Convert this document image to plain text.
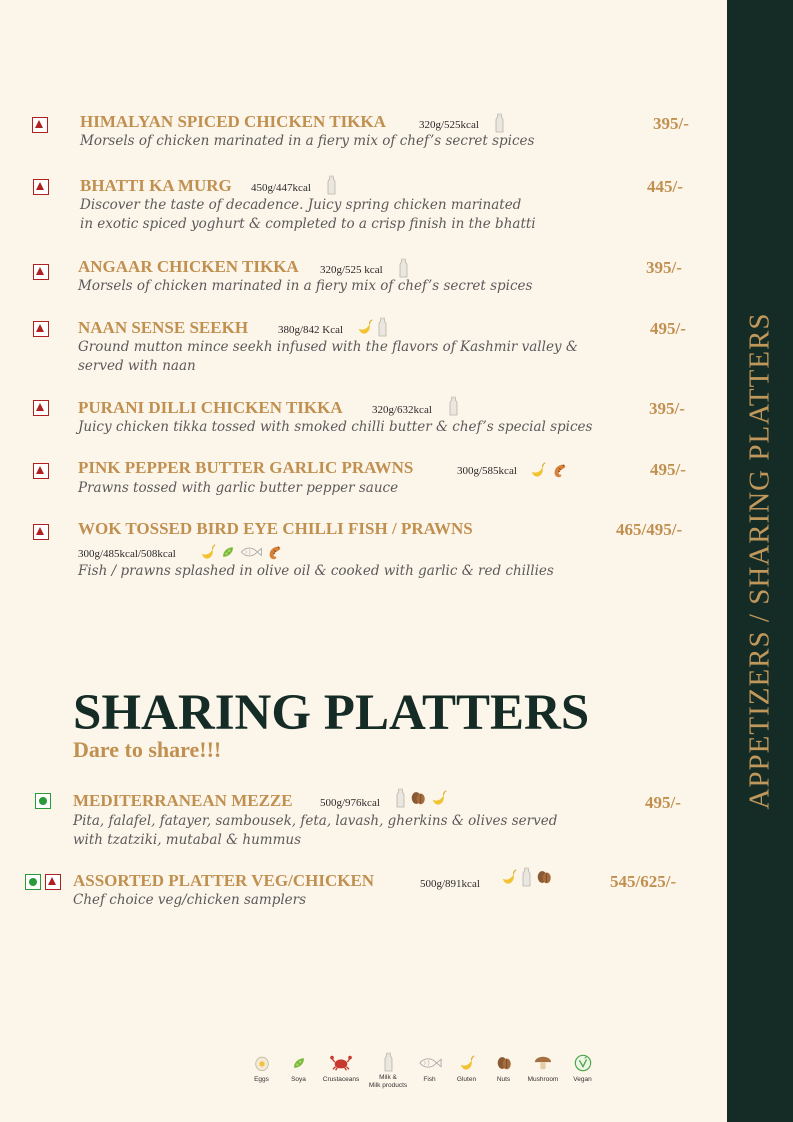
APPETIZERS / SHARING PLATTERS
HIMALYAN SPICED CHICKEN TIKKA	320g/525kcal	395/-
Morsels of chicken marinated in a fiery mix of chef’s secret spices
BHATTI KA MURG 450g/447kcal	445/-
Discover the taste of decadence. Juicy spring chicken marinated
in exotic spiced yoghurt & completed to a crisp finish in the bhatti
ANGAAR CHICKEN TIKKA 320g/525 kcal	395/-
Morsels of chicken marinated in a fiery mix of chef’s secret spices
NAAN SENSE SEEKH	380g/842 Kcal	495/-
Ground mutton mince seekh infused with the flavors of Kashmir valley &
served with naan
PURANI DILLI CHICKEN TIKKA	320g/632kcal	395/-
Juicy chicken tikka tossed with smoked chilli butter & chef’s special spices
PINK PEPPER BUTTER GARLIC PRAWNS	300g/585kcal	495/-
Prawns tossed with garlic butter pepper sauce
WOK TOSSED BIRD EYE CHILLI FISH / PRAWNS	465/495/-
300g/485kcal/508kcal
Fish / prawns splashed in olive oil & cooked with garlic & red chillies
SHARING PLATTERS
Dare to share!!!
MEDITERRANEAN MEZZE 500g/976kcal	495/-
Pita, falafel, fatayer, sambousek, feta, lavash, gherkins & olives served
with tzatziki, mutabal & hummus
ASSORTED PLATTER VEG/CHICKEN	500g/891kcal	545/625/-
Chef choice veg/chicken samplers
Eggs	Soya	Crustaceans	Milk &
Milk products
Fish	Gluten	Nuts	Mushroom Vegan
